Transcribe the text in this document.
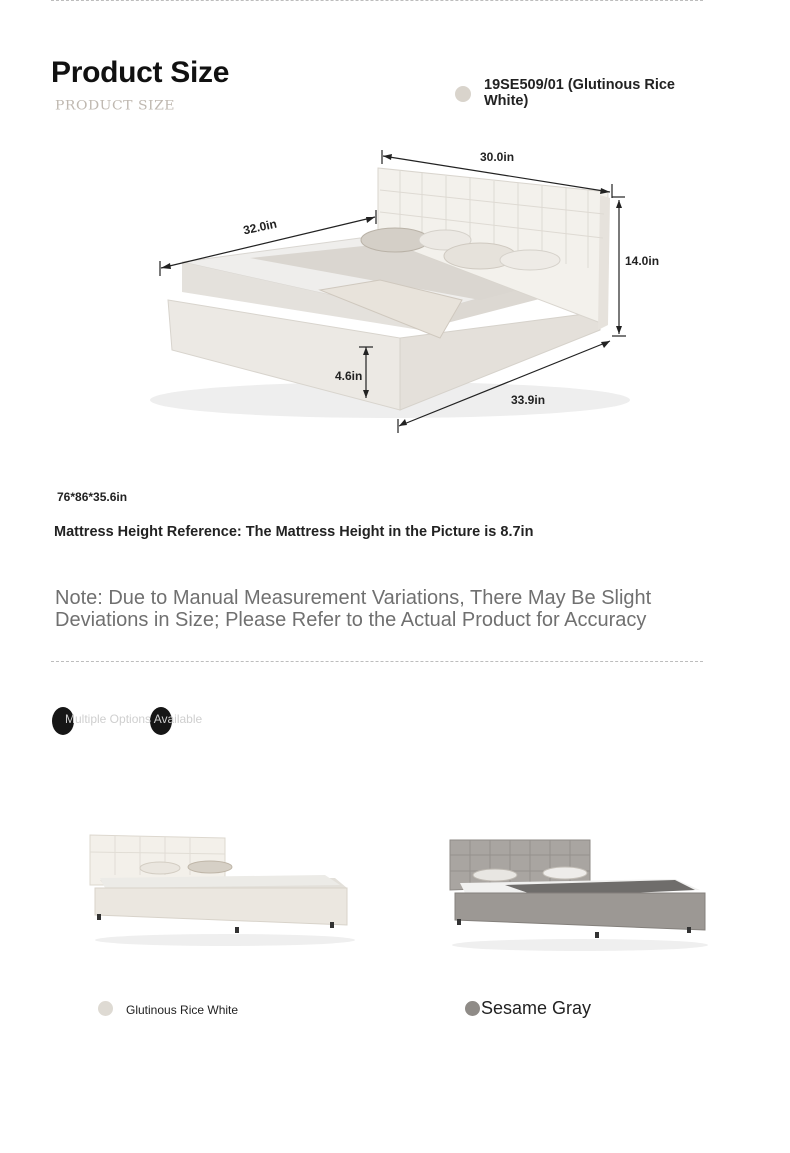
Product Size
PRODUCT SIZE
19SE509/01 (Glutinous Rice White)
30.0in
32.0in
14.0in
4.6in
33.9in
76*86*35.6in
Mattress Height Reference: The Mattress Height in the Picture is 8.7in
Note: Due to Manual Measurement Variations, There May Be Slight Deviations in Size; Please Refer to the Actual Product for Accuracy
Multiple Options Available
Glutinous Rice White	Sesame Gray
